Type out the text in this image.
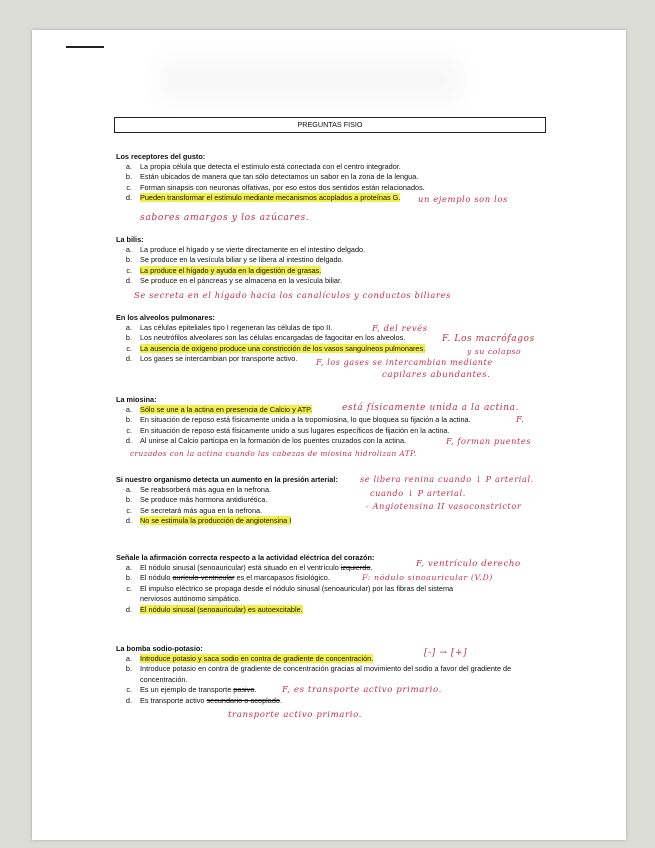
PREGUNTAS FISIO
Los receptores del gusto:
a.	La propia célula que detecta el estímulo está conectada con el centro integrador.
b.	Están ubicados de manera que tan sólo detectamos un sabor en la zona de la lengua.
c.	Forman sinapsis con neuronas olfativas, por eso estos dos sentidos están relacionados.
d.	Pueden transformar el estímulo mediante mecanismos acoplados a proteínas G.	un ejemplo son los
sabores amargos y los azúcares.
La bilis:
a.	La produce el hígado y se vierte directamente en el intestino delgado.
b.	Se produce en la vesícula biliar y se libera al intestino delgado.
c.	La produce el hígado y ayuda en la digestión de grasas.
d.	Se produce en el páncreas y se almacena en la vesícula biliar.
Se secreta en el hígado hacia los canalículos y conductos biliares
En los alveolos pulmonares:
a.	Las células epiteliales tipo I regeneran las células de tipo II.
b.	Los neutrófilos alveolares son las células encargadas de fagocitar en los alveolos.
c.	La ausencia de oxígeno produce una constricción de los vasos sanguíneos pulmonares.
d.	Los gases se intercambian por transporte activo.
F, del revés
F. Los macrófagos
y su colapso
F, los gases se intercambian mediante
capilares abundantes.
La miosina:
a.	Sólo se une a la actina en presencia de Calcio y ATP.
b.	En situación de reposo está físicamente unida a la tropomiosina, lo que bloquea su fijación a la actina.
c.	En situación de reposo está físicamente unido a sus lugares específicos de fijación en la actina.
d.	Al unirse al Calcio participa en la formación de los puentes cruzados con la actina.
está físicamente unida a la actina.
F.
F, forman puentes
cruzados con la actina cuando las cabezas de miosina hidrolizan ATP.
Si nuestro organismo detecta un aumento en la presión arterial:
a.	Se reabsorberá más agua en la nefrona.
b.	Se produce más hormona antidiurética.
c.	Se secretará más agua en la nefrona.
d.	No se estimula la producción de angiotensina I
se libera renina cuando ↓ P arterial.
cuando ↓ P arterial.
- Angiotensina II vasoconstrictor
Señale la afirmación correcta respecto a la actividad eléctrica del corazón:
a.	El nódulo sinusal (senoauricular) está situado en el ventrículo izquierdo.
b.	El nódulo aurículo-ventricular es el marcapasos fisiológico.
c.	El impulso eléctrico se propaga desde el nódulo sinusal (senoauricular) por las fibras del sistema nerviosos autónomo simpático.
d.	El nódulo sinusal (senoauricular) es autoexcitable.
F, ventrículo derecho
F: nódulo sinoauricular (V.D)
La bomba sodio-potasio:
a.	Introduce potasio y saca sodio en contra de gradiente de concentración.
b.	Introduce potasio en contra de gradiente de concentración gracias al movimiento del sodio a favor del gradiente de concentración.
c.	Es un ejemplo de transporte pasivo.
d.	Es transporte activo secundario o acoplado.
[-] → [+]
F, es transporte activo primario.
transporte activo primario.
